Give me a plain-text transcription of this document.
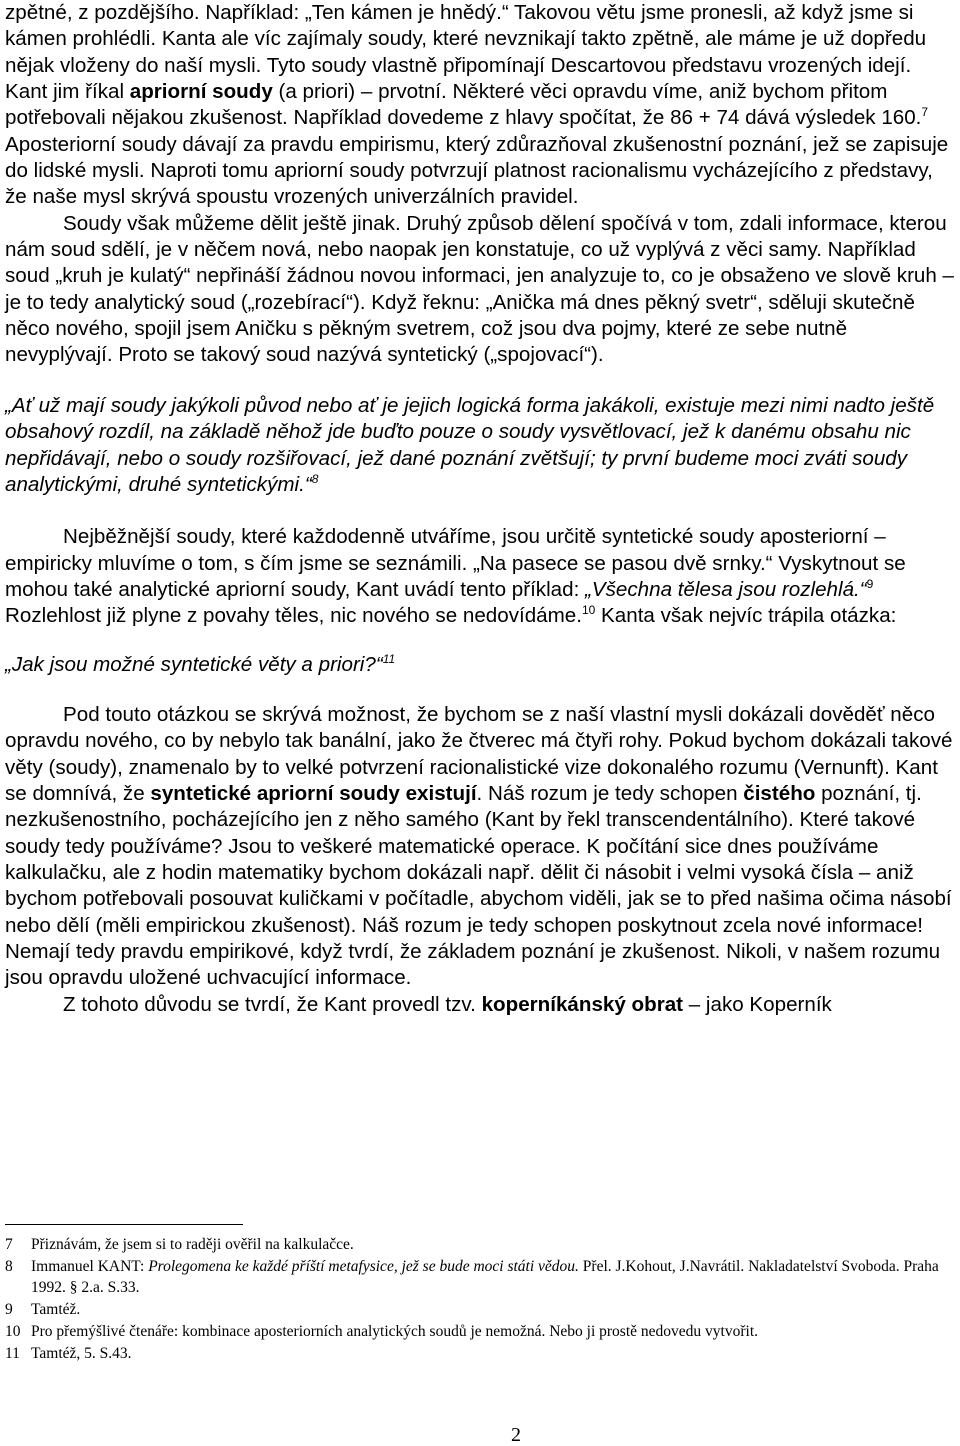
zpětné, z pozdějšího. Například: „Ten kámen je hnědý.“ Takovou větu jsme pronesli, až když jsme si kámen prohlédli. Kanta ale víc zajímaly soudy, které nevznikají takto zpětně, ale máme je už dopředu nějak vloženy do naší mysli. Tyto soudy vlastně připomínají Descartovou představu vrozených idejí. Kant jim říkal apriorní soudy (a priori) – prvotní. Některé věci opravdu víme, aniž bychom přitom potřebovali nějakou zkušenost. Například dovedeme z hlavy spočítat, že 86 + 74 dává výsledek 160.$^7$ Aposteriorní soudy dávají za pravdu empirismu, který zdůrazňoval zkušenostní poznání, jež se zapisuje do lidské mysli. Naproti tomu apriorní soudy potvrzují platnost racionalismu vycházejícího z představy, že naše mysl skrývá spoustu vrozených univerzálních pravidel.

Soudy však můžeme dělit ještě jinak. Druhý způsob dělení spočívá v tom, zdali informace, kterou nám soud sdělí, je v něčem nová, nebo naopak jen konstatuje, co už vyplývá z věci samy. Například soud „kruh je kulatý“ nepřináší žádnou novou informaci, jen analyzuje to, co je obsaženo ve slově kruh – je to tedy analytický soud („rozebírací“). Když řeknu: „Anička má dnes pěkný svetr“, sděluji skutečně něco nového, spojil jsem Aničku s pěkným svetrem, což jsou dva pojmy, které ze sebe nutně nevyplývají. Proto se takový soud nazývá syntetický („spojovací“).

„Ať už mají soudy jakýkoli původ nebo ať je jejich logická forma jakákoli, existuje mezi nimi nadto ještě obsahový rozdíl, na základě něhož jde buďto pouze o soudy vysvětlovací, jež k danému obsahu nic nepřidávají, nebo o soudy rozšiřovací, jež dané poznání zvětšují; ty první budeme moci zváti soudy analytickými, druhé syntetickými.“$^8$

Nejběžnější soudy, které každodenně utváříme, jsou určitě syntetické soudy aposteriorní – empiricky mluvíme o tom, s čím jsme se seznámili. „Na pasece se pasou dvě srnky.“ Vyskytnout se mohou také analytické apriorní soudy, Kant uvádí tento příklad: „Všechna tělesa jsou rozlehlá.“$^9$ Rozlehlost již plyne z povahy těles, nic nového se nedovídáme.$^{10}$ Kanta však nejvíc trápila otázka:

„Jak jsou možné syntetické věty a priori?“$^{11}$

Pod touto otázkou se skrývá možnost, že bychom se z naší vlastní mysli dokázali dověděť něco opravdu nového, co by nebylo tak banální, jako že čtverec má čtyři rohy. Pokud bychom dokázali takové věty (soudy), znamenalo by to velké potvrzení racionalistické vize dokonalého rozumu (Vernunft). Kant se domnívá, že syntetické apriorní soudy existují. Náš rozum je tedy schopen čistého poznání, tj. nezkušenostního, pocházejícího jen z něho samého (Kant by řekl transcendentálního). Které takové soudy tedy používáme? Jsou to veškeré matematické operace. K počítání sice dnes používáme kalkulačku, ale z hodin matematiky bychom dokázali např. dělit či násobit i velmi vysoká čísla – aniž bychom potřebovali posouvat kuličkami v počítadle, abychom viděli, jak se to před našima očima násobí nebo dělí (měli empirickou zkušenost). Náš rozum je tedy schopen poskytnout zcela nové informace! Nemají tedy pravdu empirikové, když tvrdí, že základem poznání je zkušenost. Nikoli, v našem rozumu jsou opravdu uložené uchvacující informace.

Z tohoto důvodu se tvrdí, že Kant provedl tzv. koperníkánský obrat – jako Koperník

7	Přiznávám, že jsem si to raději ověřil na kalkulačce.
8	Immanuel KANT: Prolegomena ke každé příští metafysice, jež se bude moci státi vědou. Přel. J.Kohout, J.Navrátil. Nakladatelství Svoboda. Praha 1992. § 2.a. S.33.
9	Tamtéž.
10 Pro přemýšlivé čtenáře: kombinace aposteriorních analytických soudů je nemožná. Nebo ji prostě nedovedu vytvořit.
11 Tamtéž, 5. S.43.
2
